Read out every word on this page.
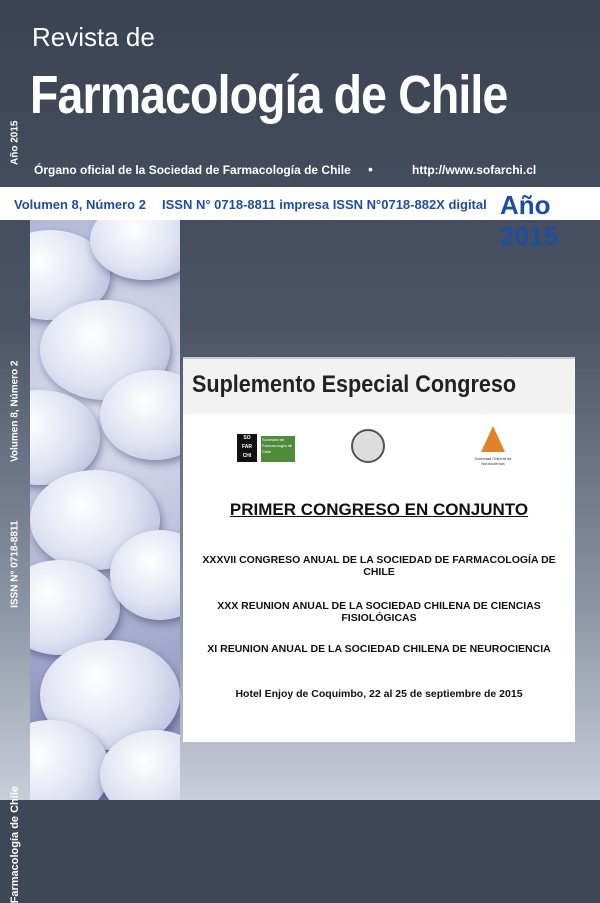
Año 2015
Volumen 8, Número 2
ISSN N° 0718-8811
Farmacología de Chile
Revista de
Farmacología de Chile
Órgano oficial de la Sociedad de Farmacología de Chile •	http://www.sofarchi.cl
Volumen 8, Número 2 ISSN N° 0718-8811 impresa ISSN N°0718-882X digital Año 2015
Suplemento Especial Congreso
SO
FAR
CHI
Sociedad de Farmacología de Chile
Sociedad Chilena de Neurociencia
PRIMER CONGRESO EN CONJUNTO
XXXVII CONGRESO ANUAL DE LA SOCIEDAD DE FARMACOLOGÍA DE CHILE
XXX REUNION ANUAL DE LA SOCIEDAD CHILENA DE CIENCIAS FISIOLÓGICAS
XI REUNION ANUAL DE LA SOCIEDAD CHILENA DE NEUROCIENCIA
Hotel Enjoy de Coquimbo, 22 al 25 de septiembre de 2015
